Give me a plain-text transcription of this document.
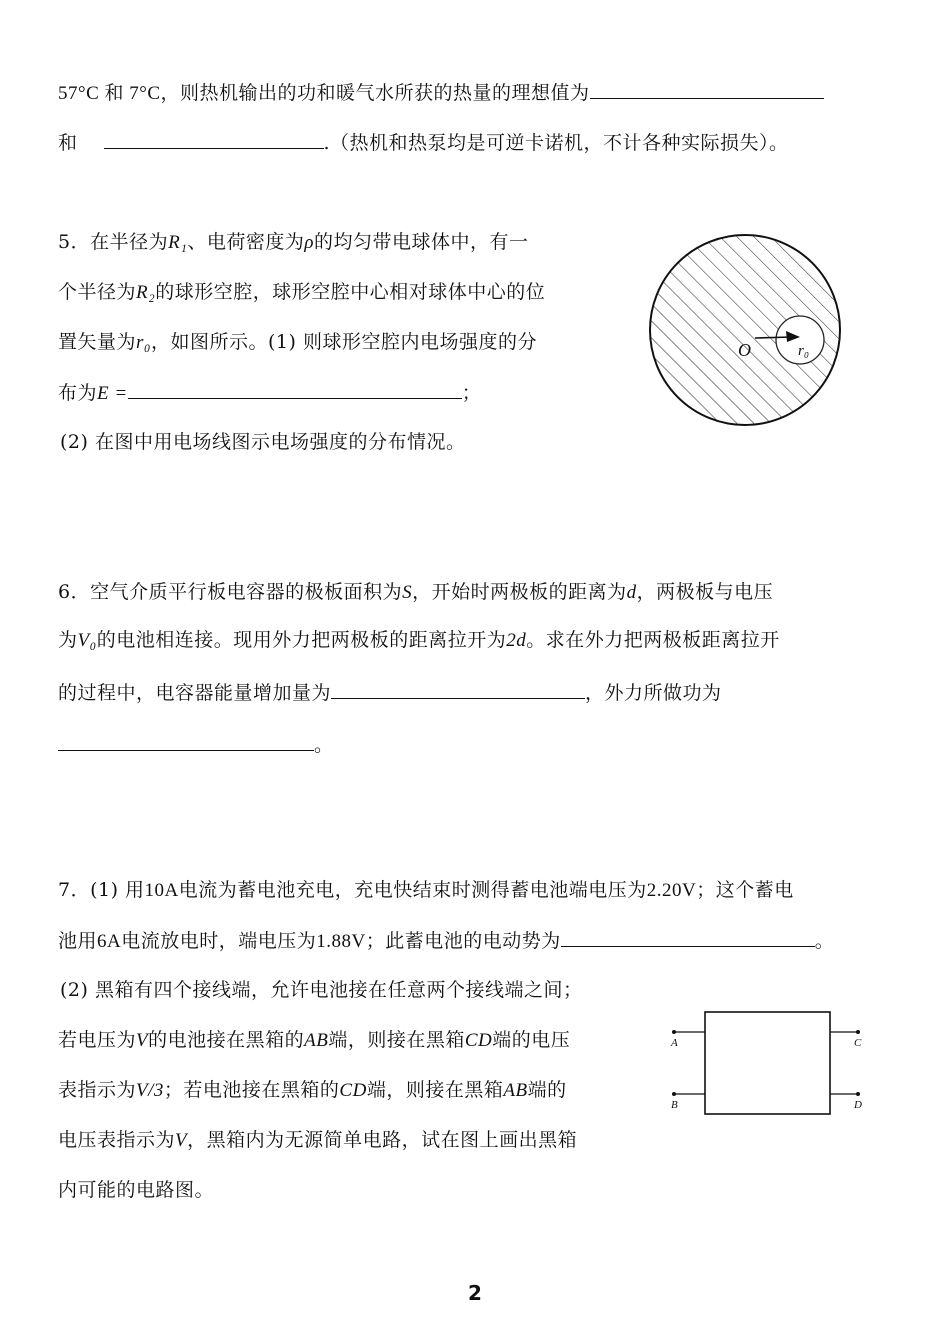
57°C 和 7°C，则热机输出的功和暖气水所获的热量的理想值为
和	.（热机和热泵均是可逆卡诺机，不计各种实际损失）。
5．在半径为R₁、电荷密度为ρ的均匀带电球体中，有一
个半径为R₂的球形空腔，球形空腔中心相对球体中心的位
置矢量为r₀，如图所示。(1) 则球形空腔内电场强度的分
布为E =	；
(2) 在图中用电场线图示电场强度的分布情况。
O	r₀
6．空气介质平行板电容器的极板面积为S，开始时两极板的距离为d，两极板与电压
为V₀的电池相连接。现用外力把两极板的距离拉开为2d。求在外力把两极板距离拉开
的过程中，电容器能量增加量为	，外力所做功为
。
7．(1) 用10A电流为蓄电池充电，充电快结束时测得蓄电池端电压为2.20V；这个蓄电
池用6A电流放电时，端电压为1.88V；此蓄电池的电动势为	。
(2) 黑箱有四个接线端，允许电池接在任意两个接线端之间；
若电压为V的电池接在黑箱的AB端，则接在黑箱CD端的电压
表指示为V/3；若电池接在黑箱的CD端，则接在黑箱AB端的
电压表指示为V，黑箱内为无源简单电路，试在图上画出黑箱
内可能的电路图。
A
B
C
D
2
